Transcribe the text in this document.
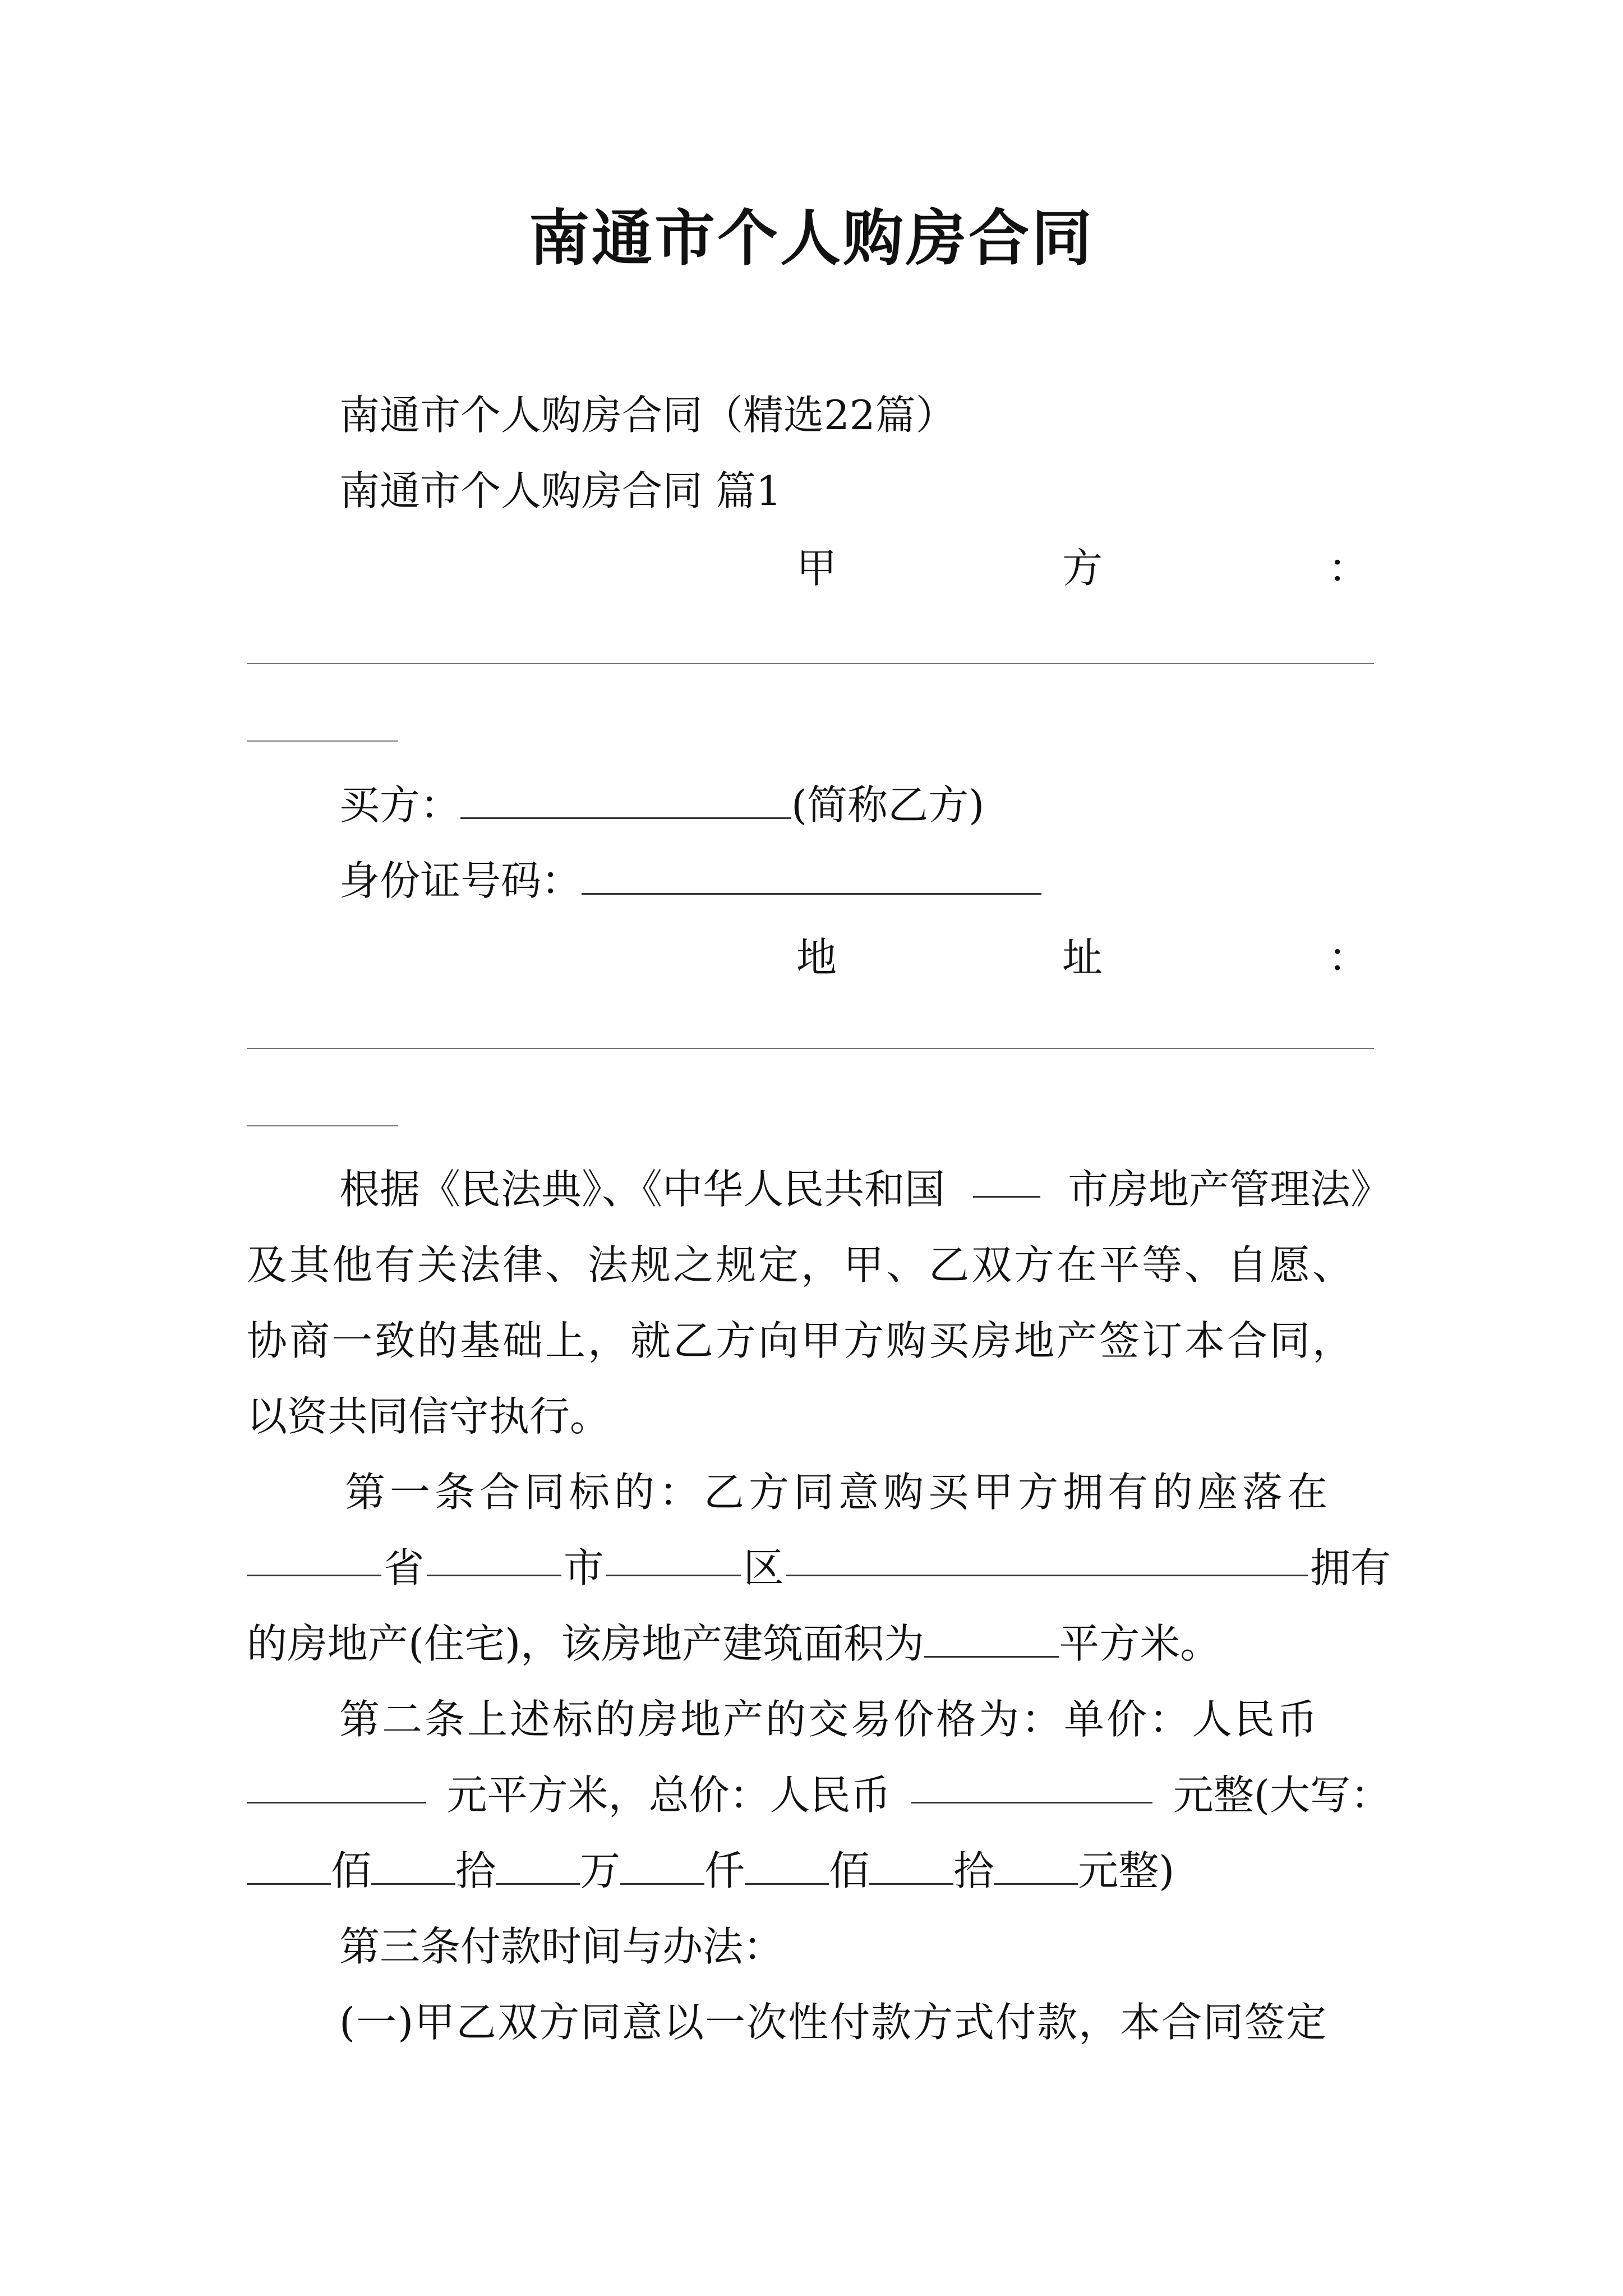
南通市个人购房合同
南通市个人购房合同（精选22篇）
南通市个人购房合同 篇1
甲	方	：
买方：	(简称乙方)
身份证号码：
地	址	：
根据《民法典》、《中华人民共和国	市房地产管理法》
及其他有关法律、法规之规定，甲、乙双方在平等、自愿、
协商一致的基础上，就乙方向甲方购买房地产签订本合同，
以资共同信守执行。
第一条合同标的：乙方同意购买甲方拥有的座落在
省	市	区	拥有
的房地产(住宅)，该房地产建筑面积为	平方米。
第二条上述标的房地产的交易价格为：单价：人民币
元平方米，总价：人民币	元整(大写：
佰 拾 万 仟 佰 拾 元整)
第三条付款时间与办法：
(一)甲乙双方同意以一次性付款方式付款，本合同签定
